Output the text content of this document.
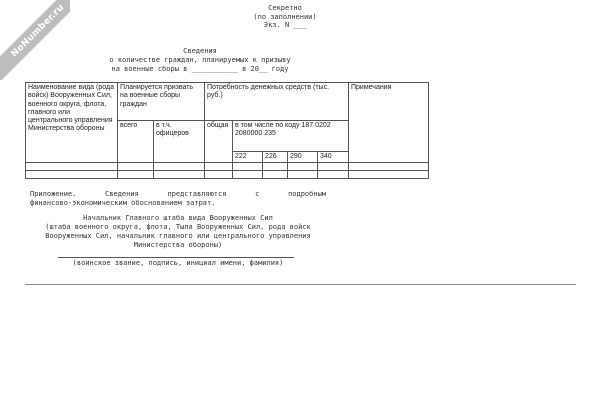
NoNumber.ru	Секретно
(по заполнении)
Экз. N ___
Сведения
о количестве граждан, планируемых к призыву
на военные сборы в ___________ в 20__ году
Наименование вида (рода войск) Вооруженных Сил, военного округа, флота, главного или центрального управления Министерства обороны	Планируется призвать на военные сборы граждан		Потребность денежных средств (тыс. руб.)					Примечания
	всего	в т.ч. офицеров	общая	в том числе по коду 187 0202 2080000 235				
				222	226	290	340	

Приложение.	Сведения	представляются	с	подробным
финансово-экономическим обоснованием затрат.
Начальник Главного штаба вида Вооруженных Сил
(штаба военного округа, флота, Тыла Вооруженных Сил, рода войск
Вооруженных Сил, начальник главного или центрального управления
Министерства обороны)
(воинское звание, подпись, инициал имени, фамилия)
